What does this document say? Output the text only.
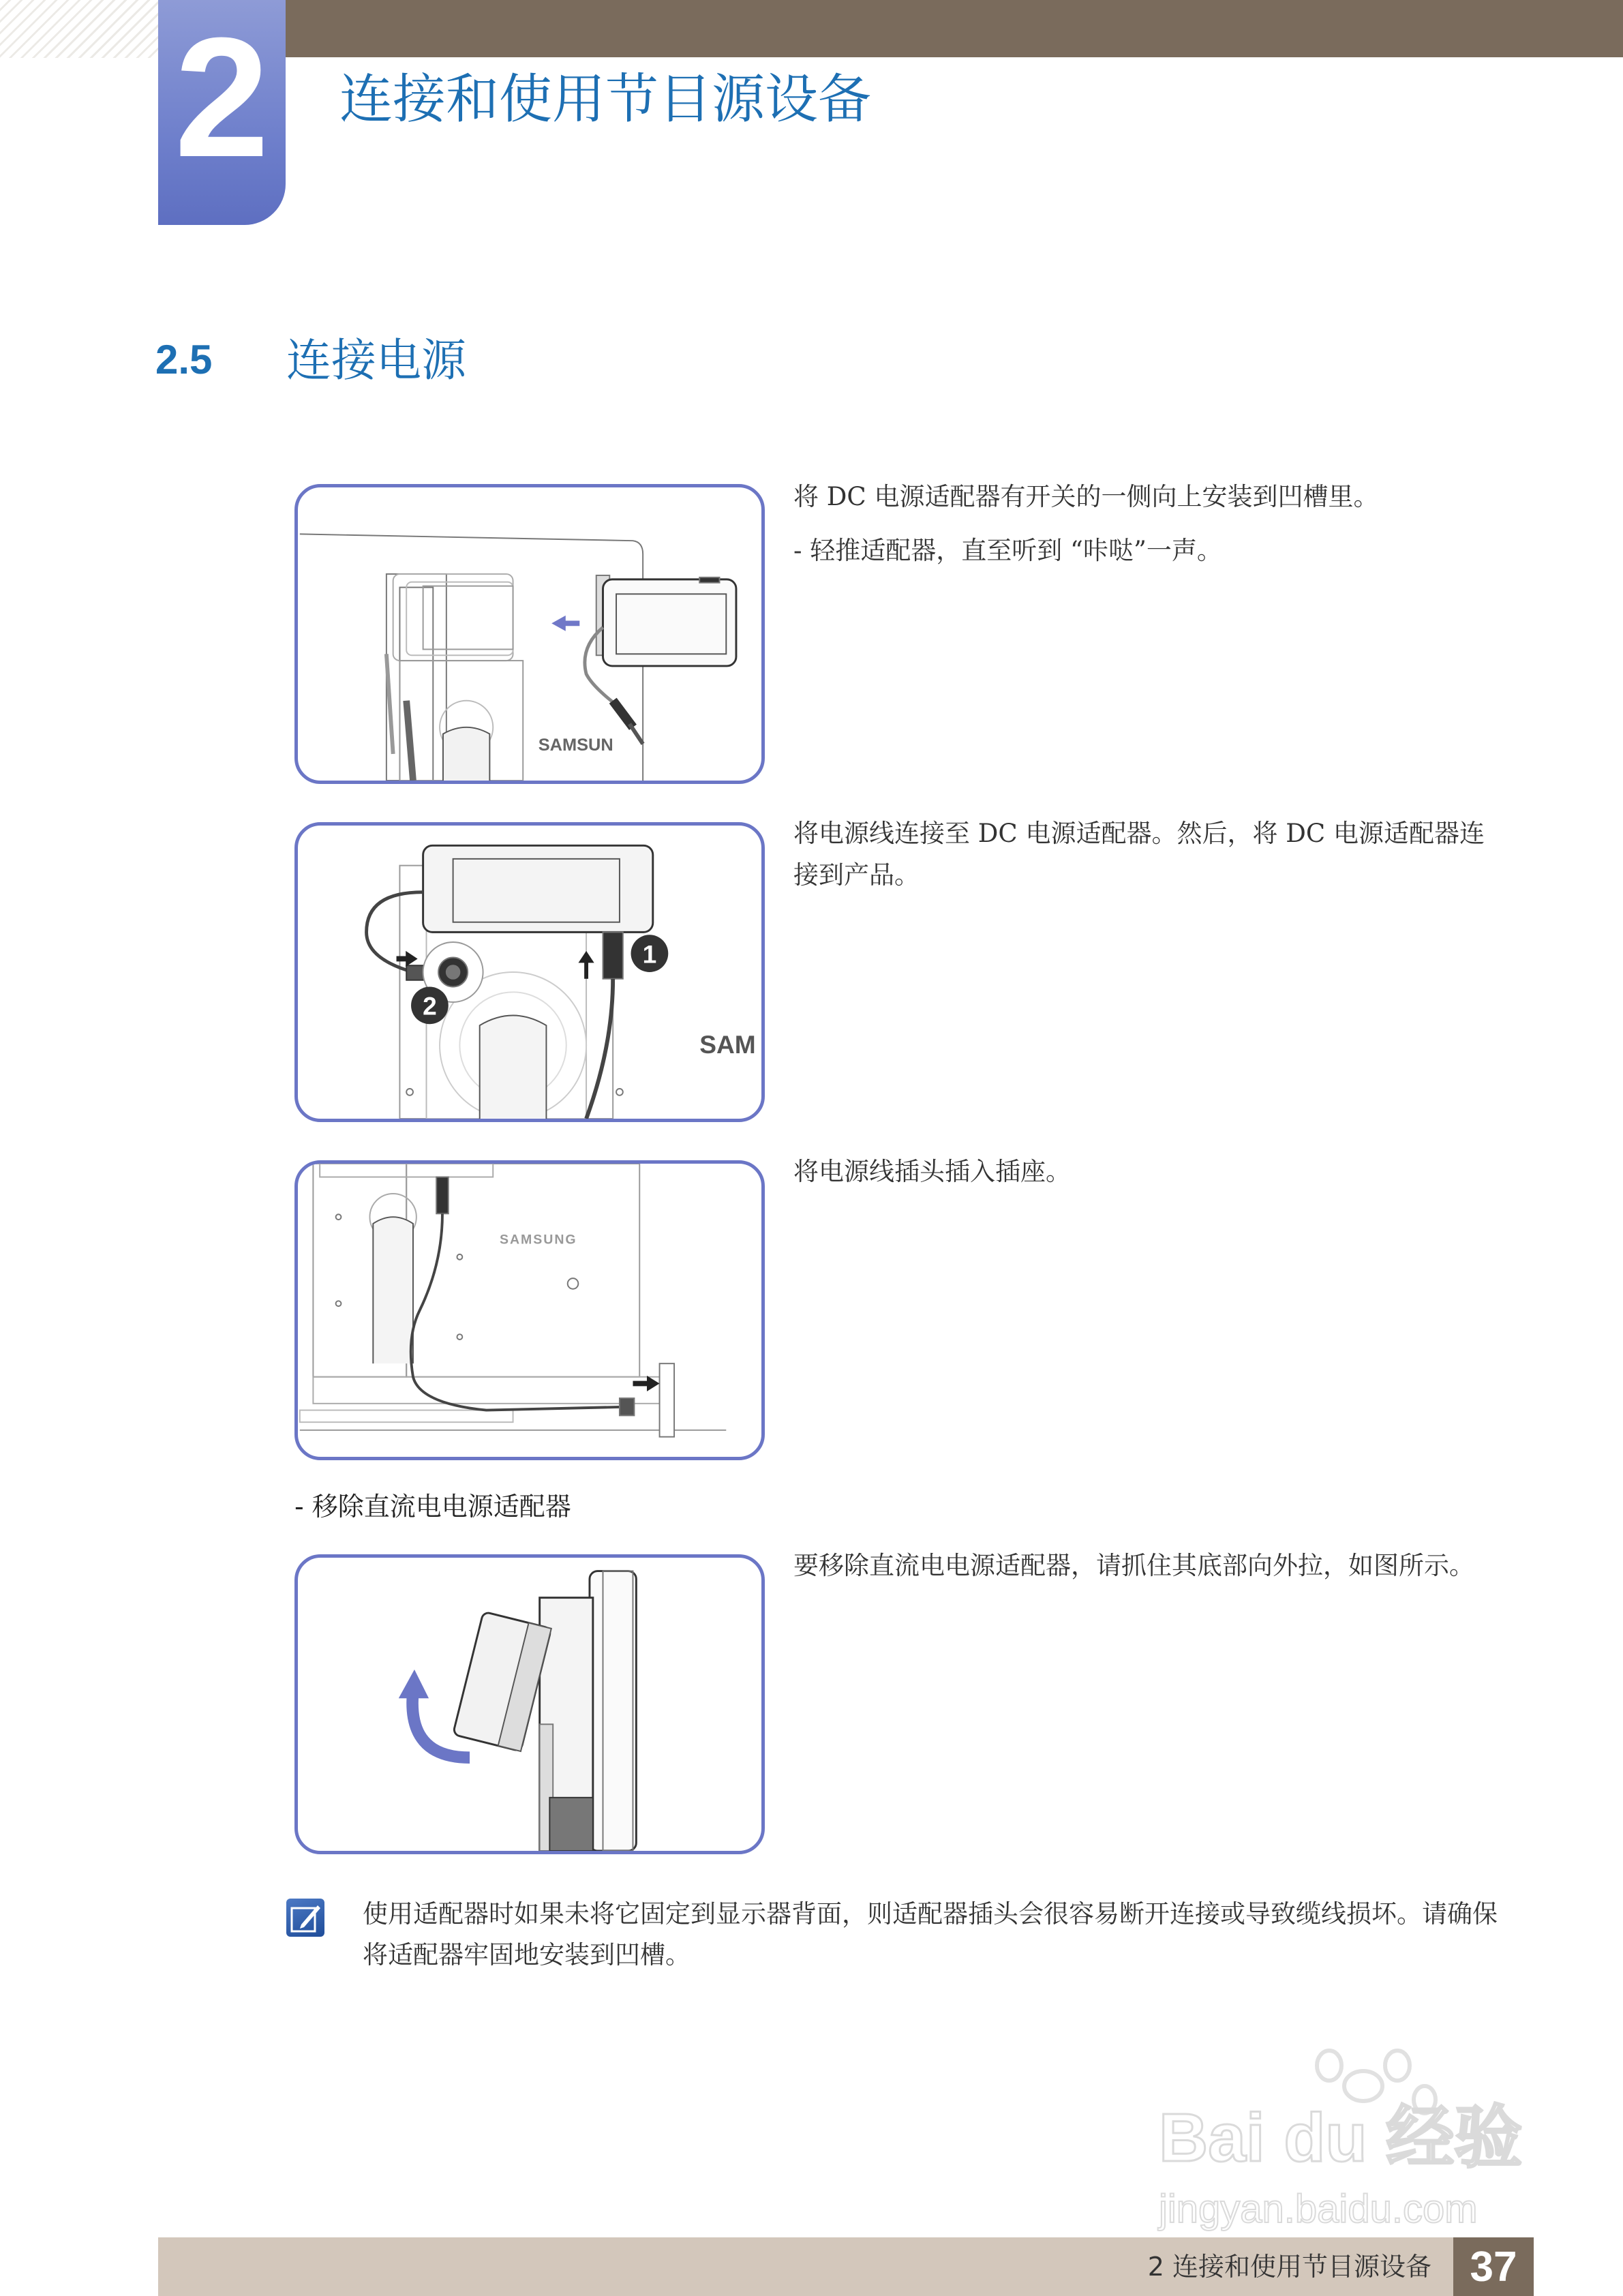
2	连接和使用节目源设备
2.5 连接电源
SAMSUN

将 DC 电源适配器有开关的一侧向上安装到凹槽里。

- 轻推适配器，直至听到 “咔哒”一声。

1
2
SAM

将电源线连接至 DC 电源适配器。然后，将 DC 电源适配器连接到产品。

SAMSUNG

将电源线插头插入插座。

- 移除直流电电源适配器

要移除直流电电源适配器，请抓住其底部向外拉，如图所示。

使用适配器时如果未将它固定到显示器背面，则适配器插头会很容易断开连接或导致缆线损坏。请确保将适配器牢固地安装到凹槽。
Bai du 经验
jingyan.baidu.com
2 连接和使用节目源设备 37
